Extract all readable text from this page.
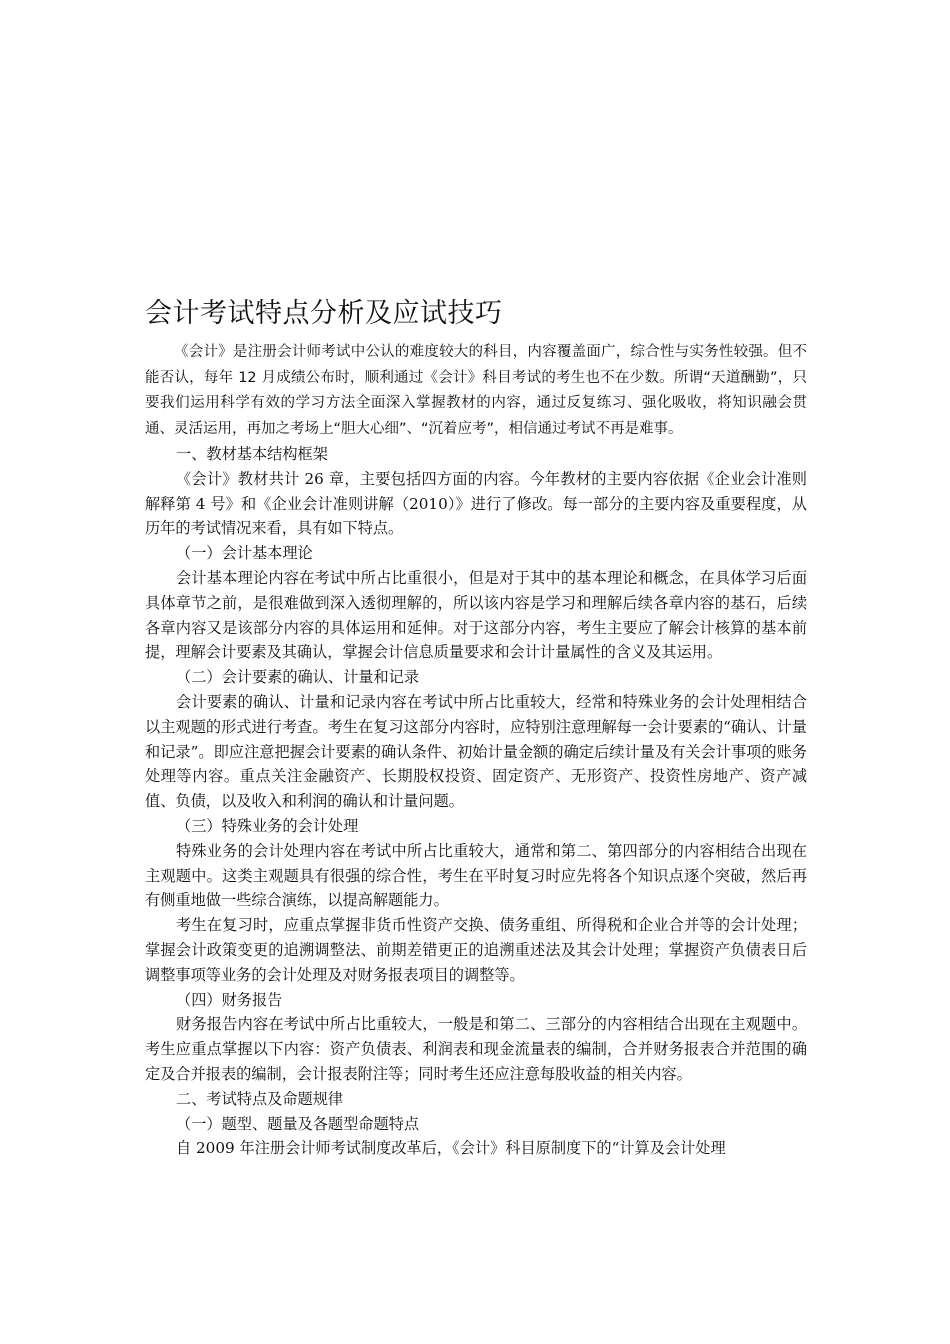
会计考试特点分析及应试技巧

《会计》是注册会计师考试中公认的难度较大的科目，内容覆盖面广，综合性与实务性较强。但不能否认，每年 12 月成绩公布时，顺利通过《会计》科目考试的考生也不在少数。所谓“天道酬勤”，只要我们运用科学有效的学习方法全面深入掌握教材的内容，通过反复练习、强化吸收，将知识融会贯通、灵活运用，再加之考场上“胆大心细”、“沉着应考”，相信通过考试不再是难事。

一、教材基本结构框架

《会计》教材共计 26 章，主要包括四方面的内容。今年教材的主要内容依据《企业会计准则解释第 4 号》和《企业会计准则讲解（2010）》进行了修改。每一部分的主要内容及重要程度，从历年的考试情况来看，具有如下特点。

（一）会计基本理论

会计基本理论内容在考试中所占比重很小，但是对于其中的基本理论和概念，在具体学习后面具体章节之前，是很难做到深入透彻理解的，所以该内容是学习和理解后续各章内容的基石，后续各章内容又是该部分内容的具体运用和延伸。对于这部分内容，考生主要应了解会计核算的基本前提，理解会计要素及其确认，掌握会计信息质量要求和会计计量属性的含义及其运用。

（二）会计要素的确认、计量和记录

会计要素的确认、计量和记录内容在考试中所占比重较大，经常和特殊业务的会计处理相结合以主观题的形式进行考查。考生在复习这部分内容时，应特别注意理解每一会计要素的“确认、计量和记录”。即应注意把握会计要素的确认条件、初始计量金额的确定后续计量及有关会计事项的账务处理等内容。重点关注金融资产、长期股权投资、固定资产、无形资产、投资性房地产、资产减值、负债，以及收入和利润的确认和计量问题。

（三）特殊业务的会计处理

特殊业务的会计处理内容在考试中所占比重较大，通常和第二、第四部分的内容相结合出现在主观题中。这类主观题具有很强的综合性，考生在平时复习时应先将各个知识点逐个突破，然后再有侧重地做一些综合演练，以提高解题能力。

考生在复习时，应重点掌握非货币性资产交换、债务重组、所得税和企业合并等的会计处理；掌握会计政策变更的追溯调整法、前期差错更正的追溯重述法及其会计处理；掌握资产负债表日后调整事项等业务的会计处理及对财务报表项目的调整等。

（四）财务报告

财务报告内容在考试中所占比重较大，一般是和第二、三部分的内容相结合出现在主观题中。考生应重点掌握以下内容：资产负债表、利润表和现金流量表的编制，合并财务报表合并范围的确定及合并报表的编制，会计报表附注等；同时考生还应注意每股收益的相关内容。

二、考试特点及命题规律
（一）题型、题量及各题型命题特点

自 2009 年注册会计师考试制度改革后，《会计》科目原制度下的“计算及会计处理
